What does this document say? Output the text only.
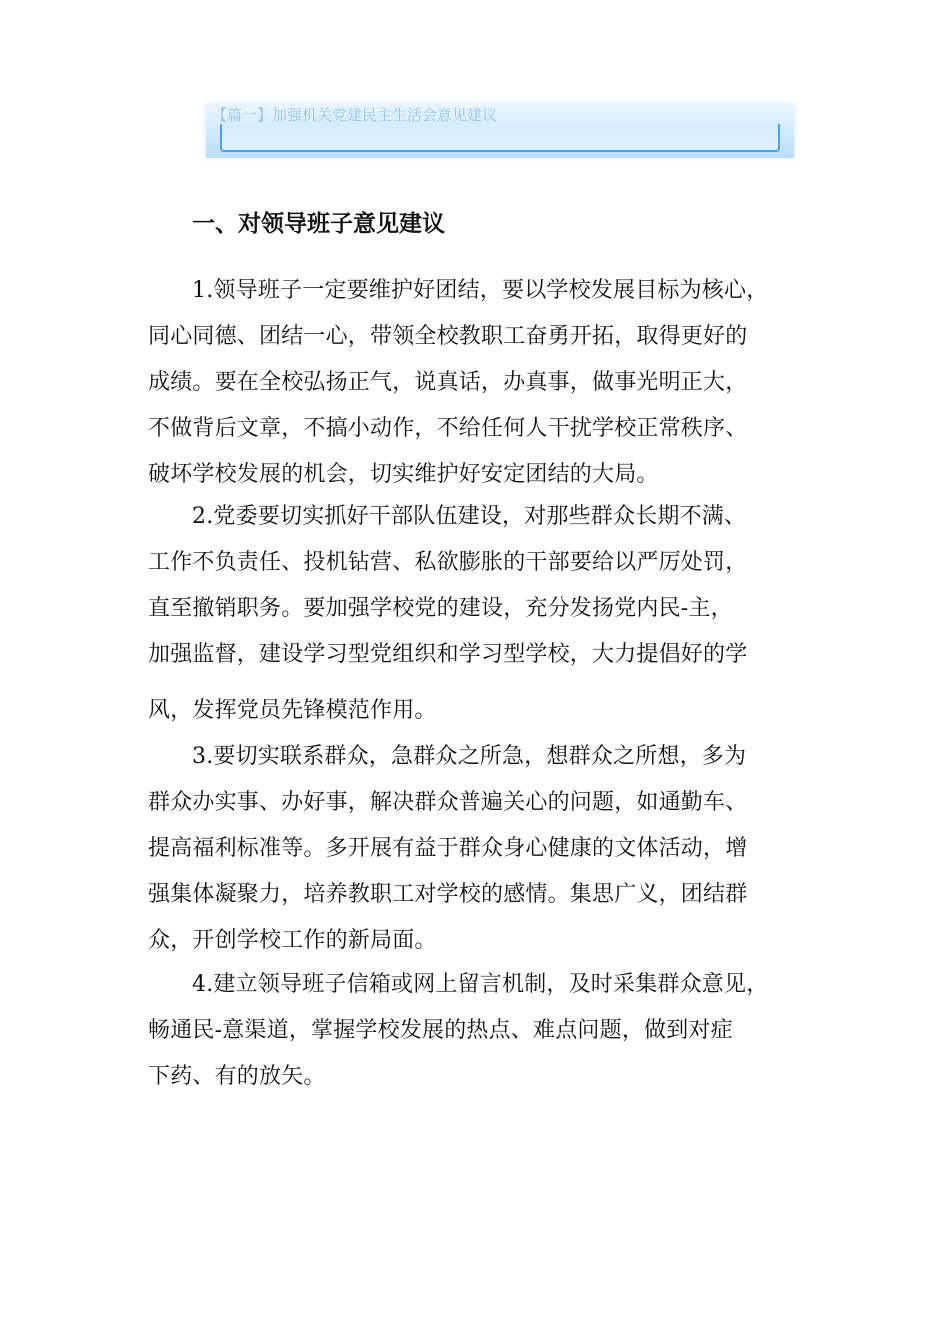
【篇一】加强机关党建民主生活会意见建议
一、对领导班子意见建议
1.领导班子一定要维护好团结，要以学校发展目标为核心，
同心同德、团结一心，带领全校教职工奋勇开拓，取得更好的
成绩。要在全校弘扬正气，说真话，办真事，做事光明正大，
不做背后文章，不搞小动作，不给任何人干扰学校正常秩序、
破坏学校发展的机会，切实维护好安定团结的大局。
2.党委要切实抓好干部队伍建设，对那些群众长期不满、
工作不负责任、投机钻营、私欲膨胀的干部要给以严厉处罚，
直至撤销职务。要加强学校党的建设，充分发扬党内民-主，
加强监督，建设学习型党组织和学习型学校，大力提倡好的学
风，发挥党员先锋模范作用。
3.要切实联系群众，急群众之所急，想群众之所想，多为
群众办实事、办好事，解决群众普遍关心的问题，如通勤车、
提高福利标准等。多开展有益于群众身心健康的文体活动，增
强集体凝聚力，培养教职工对学校的感情。集思广义，团结群
众，开创学校工作的新局面。
4.建立领导班子信箱或网上留言机制，及时采集群众意见，
畅通民-意渠道，掌握学校发展的热点、难点问题，做到对症
下药、有的放矢。
